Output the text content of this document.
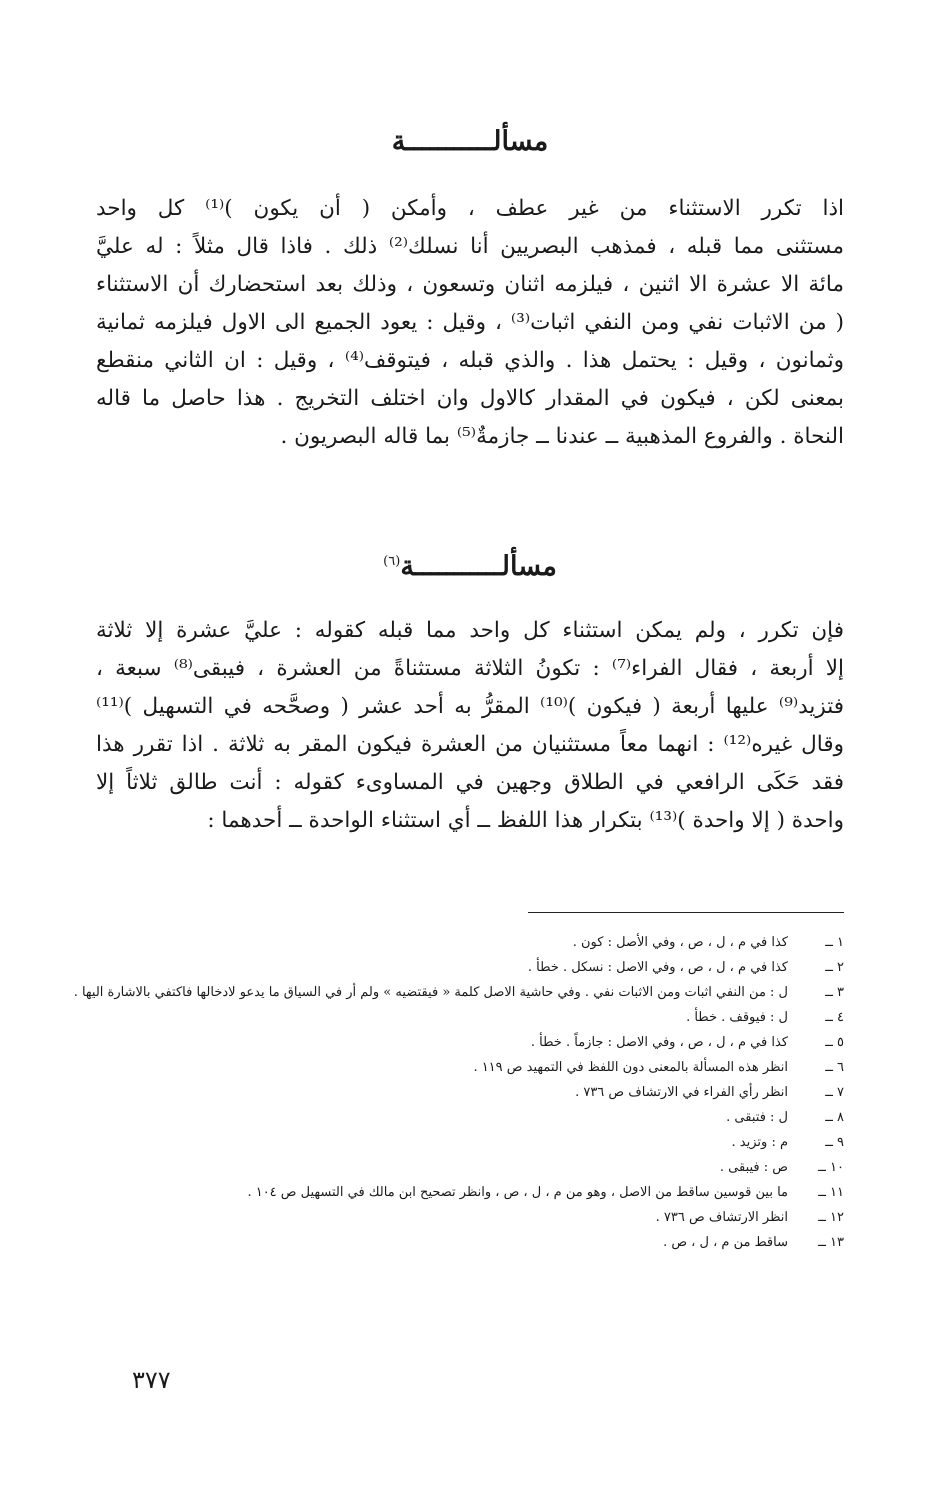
مسألـــــــــــة
اذا تكرر الاستثناء من غير عطف ، وأمكن ( أن يكون )⁽¹⁾ كل واحد
مستثنى مما قبله ، فمذهب البصريين أنا نسلك⁽²⁾ ذلك . فاذا قال مثلاً : له عليَّ
مائة الا عشرة الا اثنين ، فيلزمه اثنان وتسعون ، وذلك بعد استحضارك أن الاستثناء
( من الاثبات نفي ومن النفي اثبات⁽³⁾ ، وقيل : يعود الجميع الى الاول فيلزمه ثمانية
وثمانون ، وقيل : يحتمل هذا . والذي قبله ، فيتوقف⁽⁴⁾ ، وقيل : ان الثاني منقطع
بمعنى لكن ، فيكون في المقدار كالاول وان اختلف التخريج . هذا حاصل ما قاله
النحاة . والفروع المذهبية ــ عندنا ــ جازمةٌ⁽⁵⁾ بما قاله البصريون .
مسألـــــــــــة$^{(٦)}$
فإن تكرر ، ولم يمكن استثناء كل واحد مما قبله كقوله : عليَّ عشرة إلا ثلاثة
إلا أربعة ، فقال الفراء⁽⁷⁾ : تكونُ الثلاثة مستثناةً من العشرة ، فيبقى⁽⁸⁾ سبعة ،
فتزيد⁽⁹⁾ عليها أربعة ( فيكون )⁽¹⁰⁾ المقرُّ به أحد عشر ( وصحَّحه في التسهيل )⁽¹¹⁾
وقال غيره⁽¹²⁾ : انهما معاً مستثنيان من العشرة فيكون المقر به ثلاثة . اذا تقرر هذا
فقد حَكَى الرافعي في الطلاق وجهين في المساوىء كقوله : أنت طالق ثلاثاً إلا
واحدة ( إلا واحدة )⁽¹³⁾ بتكرار هذا اللفظ ــ أي استثناء الواحدة ــ أحدهما :
١ ــ
كذا في م ، ل ، ص ، وفي الأصل : كون .
٢ ــ
كذا في م ، ل ، ص ، وفي الاصل : نسكل . خطأ .
٣ ــ
ل : من النفي اثبات ومن الاثبات نفي . وفي حاشية الاصل كلمة « فيقتضيه » ولم أر في السياق ما يدعو لادخالها فاكتفي بالاشارة اليها .
٤ ــ
ل : فيوقف . خطأ .
٥ ــ
كذا في م ، ل ، ص ، وفي الاصل : جازماً . خطأ .
٦ ــ
انظر هذه المسألة بالمعنى دون اللفظ في التمهيد ص ١١٩ .
٧ ــ
انظر رأي الفراء في الارتشاف ص ٧٣٦ .
٨ ــ
ل : فتبقى .
٩ ــ
م : وتزيد .
١٠ ــ
ص : فيبقى .
١١ ــ
ما بين قوسين ساقط من الاصل ، وهو من م ، ل ، ص ، وانظر تصحيح ابن مالك في التسهيل ص ١٠٤ .
١٢ ــ
انظر الارتشاف ص ٧٣٦ .
١٣ ــ
ساقط من م ، ل ، ص .
٣٧٧
